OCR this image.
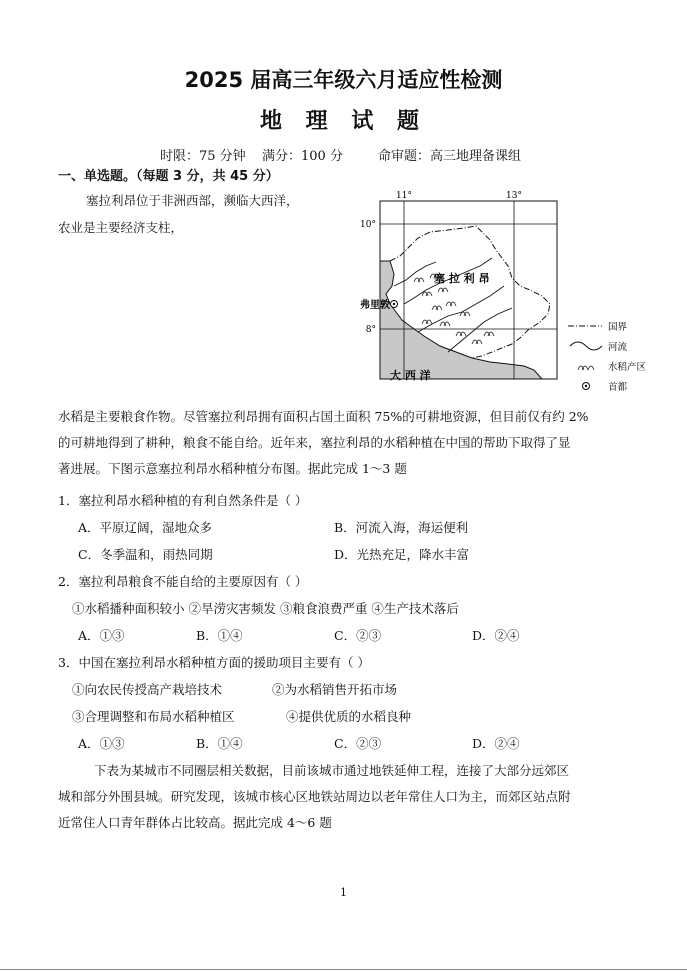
2025 届高三年级六月适应性检测
地 理 试 题
时限：75 分钟 满分：100 分	命审题：高三地理备课组
一、单选题。（每题 3 分，共 45 分）
塞拉利昂位于非洲西部，濒临大西洋，
农业是主要经济支柱，
11°	13°
10°
8°
塞 拉 利 昂
弗里敦
大 西 洋
国界
河流
水稻产区
首都
水稻是主要粮食作物。尽管塞拉利昂拥有面积占国土面积 75%的可耕地资源，但目前仅有约 2%
的可耕地得到了耕种，粮食不能自给。近年来，塞拉利昂的水稻种植在中国的帮助下取得了显
著进展。下图示意塞拉利昂水稻种植分布图。据此完成 1～3 题
1．塞拉利昂水稻种植的有利自然条件是（ ）
A．平原辽阔，湿地众多	B．河流入海，海运便利
C．冬季温和，雨热同期	D．光热充足，降水丰富
2．塞拉利昂粮食不能自给的主要原因有（ ）
①水稻播种面积较小 ②旱涝灾害频发 ③粮食浪费严重 ④生产技术落后
A．①③	B．①④	C．②③	D．②④
3．中国在塞拉利昂水稻种植方面的援助项目主要有（ ）
①向农民传授高产栽培技术	②为水稻销售开拓市场
③合理调整和布局水稻种植区	④提供优质的水稻良种
A．①③	B．①④	C．②③	D．②④
下表为某城市不同圈层相关数据，目前该城市通过地铁延伸工程，连接了大部分远郊区
城和部分外围县城。研究发现，该城市核心区地铁站周边以老年常住人口为主，而郊区站点附
近常住人口青年群体占比较高。据此完成 4～6 题
1
